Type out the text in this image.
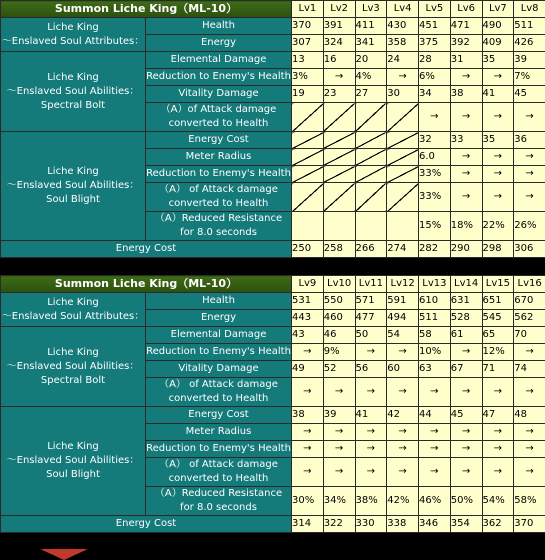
Summon Liche King（ML-10）		Lv1	Lv2	Lv3	Lv4	Lv5	Lv6	Lv7	Lv8
Liche King
〜Enslaved Soul Attributes：	Health	370	391	411	430	451	471	490	511
	Energy	307	324	341	358	375	392	409	426
Liche King
〜Enslaved Soul Abilities：
Spectral Bolt	Elemental Damage	13	16	20	24	28	31	35	39
	Reduction to Enemy's Health	3%	→	4%	→	6%	→	→	7%
	Vitality Damage	19	23	27	30	34	38	41	45
	（A）of Attack damage
converted to Health					→	→	→	→
Liche King
〜Enslaved Soul Abilities：
Soul Blight	Energy Cost					32	33	35	36
	Meter Radius					6.0	→	→	→
	Reduction to Enemy's Health					33%	→	→	→
	（A） of Attack damage
converted to Health					33%	→	→	→
	（A）Reduced Resistance
for 8.0 seconds					15%	18%	22%	26%
Energy Cost		250	258	266	274	282	290	298	306
Summon Liche King（ML-10）		Lv9	Lv10	Lv11	Lv12	Lv13	Lv14	Lv15	Lv16
Liche King
〜Enslaved Soul Attributes：	Health	531	550	571	591	610	631	651	670
	Energy	443	460	477	494	511	528	545	562
Liche King
〜Enslaved Soul Abilities：
Spectral Bolt	Elemental Damage	43	46	50	54	58	61	65	70
	Reduction to Enemy's Health	→	9%	→	→	10%	→	12%	→
	Vitality Damage	49	52	56	60	63	67	71	74
	（A） of Attack damage
converted to Health	→	→	→	→	→	→	→	→
Liche King
〜Enslaved Soul Abilities：
Soul Blight	Energy Cost	38	39	41	42	44	45	47	48
	Meter Radius	→	→	→	→	→	→	→	→
	Reduction to Enemy's Health	→	→	→	→	→	→	→	→
	（A） of Attack damage
converted to Health	→	→	→	→	→	→	→	→
	（A）Reduced Resistance
for 8.0 seconds	30%	34%	38%	42%	46%	50%	54%	58%
Energy Cost		314	322	330	338	346	354	362	370
